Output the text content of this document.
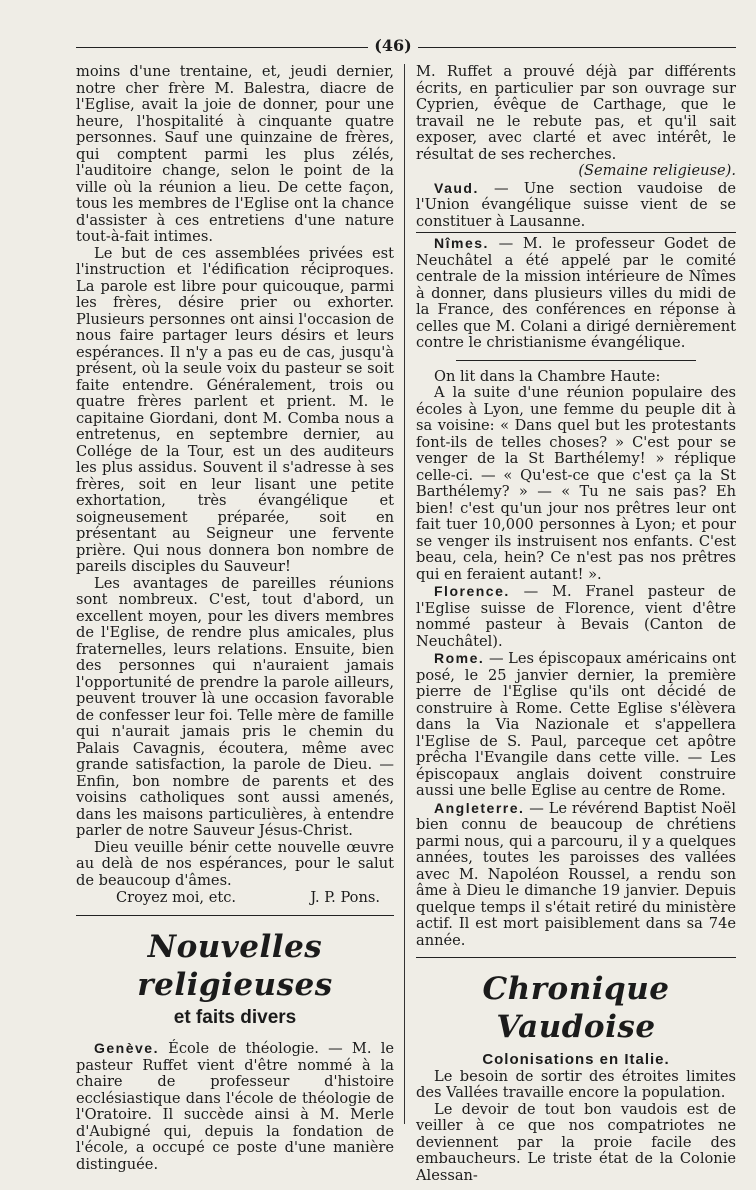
(46)

moins d'une trentaine, et, jeudi dernier, notre cher frère M. Balestra, diacre de l'Eglise, avait la joie de donner, pour une heure, l'hospitalité à cinquante quatre personnes. Sauf une quinzaine de frères, qui comptent parmi les plus zélés, l'auditoire change, selon le point de la ville où la réunion a lieu. De cette façon, tous les membres de l'Eglise ont la chance d'assister à ces entretiens d'une nature tout-à-fait intimes.

Le but de ces assemblées privées est l'instruction et l'édification réciproques. La parole est libre pour quicouque, parmi les frères, désire prier ou exhorter. Plusieurs personnes ont ainsi l'occasion de nous faire partager leurs désirs et leurs espérances. Il n'y a pas eu de cas, jusqu'à présent, où la seule voix du pasteur se soit faite entendre. Généralement, trois ou quatre frères parlent et prient. M. le capitaine Giordani, dont M. Comba nous a entretenus, en septembre dernier, au Collége de la Tour, est un des auditeurs les plus assidus. Souvent il s'adresse à ses frères, soit en leur lisant une petite exhortation, très évangélique et soigneusement préparée, soit en présentant au Seigneur une fervente prière. Qui nous donnera bon nombre de pareils disciples du Sauveur!

Les avantages de pareilles réunions sont nombreux. C'est, tout d'abord, un excellent moyen, pour les divers membres de l'Eglise, de rendre plus amicales, plus fraternelles, leurs relations. Ensuite, bien des personnes qui n'auraient jamais l'opportunité de prendre la parole ailleurs, peuvent trouver là une occasion favorable de confesser leur foi. Telle mère de famille qui n'aurait jamais pris le chemin du Palais Cavagnis, écoutera, même avec grande satisfaction, la parole de Dieu. — Enfin, bon nombre de parents et des voisins catholiques sont aussi amenés, dans les maisons particulières, à entendre parler de notre Sauveur Jésus-Christ.

Dieu veuille bénir cette nouvelle œuvre au delà de nos espérances, pour le salut de beaucoup d'âmes.

Croyez moi, etc.	J. P. Pons.
Nouvelles religieuses
et faits divers

Genève. École de théologie. — M. le pasteur Ruffet vient d'être nommé à la chaire de professeur d'histoire ecclésiastique dans l'école de théologie de l'Oratoire. Il succède ainsi à M. Merle d'Aubigné qui, depuis la fondation de l'école, a occupé ce poste d'une manière distinguée.

M. Ruffet a prouvé déjà par différents écrits, en particulier par son ouvrage sur Cyprien, évêque de Carthage, que le travail ne le rebute pas, et qu'il sait exposer, avec clarté et avec intérêt, le résultat de ses recherches.

(Semaine religieuse).

Vaud. — Une section vaudoise de l'Union évangélique suisse vient de se constituer à Lausanne.

Nîmes. — M. le professeur Godet de Neuchâtel a été appelé par le comité centrale de la mission intérieure de Nîmes à donner, dans plusieurs villes du midi de la France, des conférences en réponse à celles que M. Colani a dirigé dernièrement contre le christianisme évangélique.

On lit dans la Chambre Haute:

A la suite d'une réunion populaire des écoles à Lyon, une femme du peuple dit à sa voisine: « Dans quel but les protestants font-ils de telles choses? » C'est pour se venger de la St Barthélemy! » réplique celle-ci. — « Qu'est-ce que c'est ça la St Barthélemy? » — « Tu ne sais pas? Eh bien! c'est qu'un jour nos prêtres leur ont fait tuer 10,000 personnes à Lyon; et pour se venger ils instruisent nos enfants. C'est beau, cela, hein? Ce n'est pas nos prêtres qui en feraient autant! ».

Florence. — M. Franel pasteur de l'Eglise suisse de Florence, vient d'être nommé pasteur à Bevais (Canton de Neuchâtel).

Rome. — Les épiscopaux américains ont posé, le 25 janvier dernier, la première pierre de l'Eglise qu'ils ont décidé de construire à Rome. Cette Eglise s'élèvera dans la Via Nazionale et s'appellera l'Eglise de S. Paul, parceque cet apôtre prêcha l'Evangile dans cette ville. — Les épiscopaux anglais doivent construire aussi une belle Eglise au centre de Rome.

Angleterre. — Le révérend Baptist Noël bien connu de beaucoup de chrétiens parmi nous, qui a parcouru, il y a quelques années, toutes les paroisses des vallées avec M. Napoléon Roussel, a rendu son âme à Dieu le dimanche 19 janvier. Depuis quelque temps il s'était retiré du ministère actif. Il est mort paisiblement dans sa 74e année.

Chronique Vaudoise
Colonisations en Italie.

Le besoin de sortir des étroites limites des Vallées travaille encore la population.

Le devoir de tout bon vaudois est de veiller à ce que nos compatriotes ne deviennent par la proie facile des embaucheurs. Le triste état de la Colonie Alessan-
